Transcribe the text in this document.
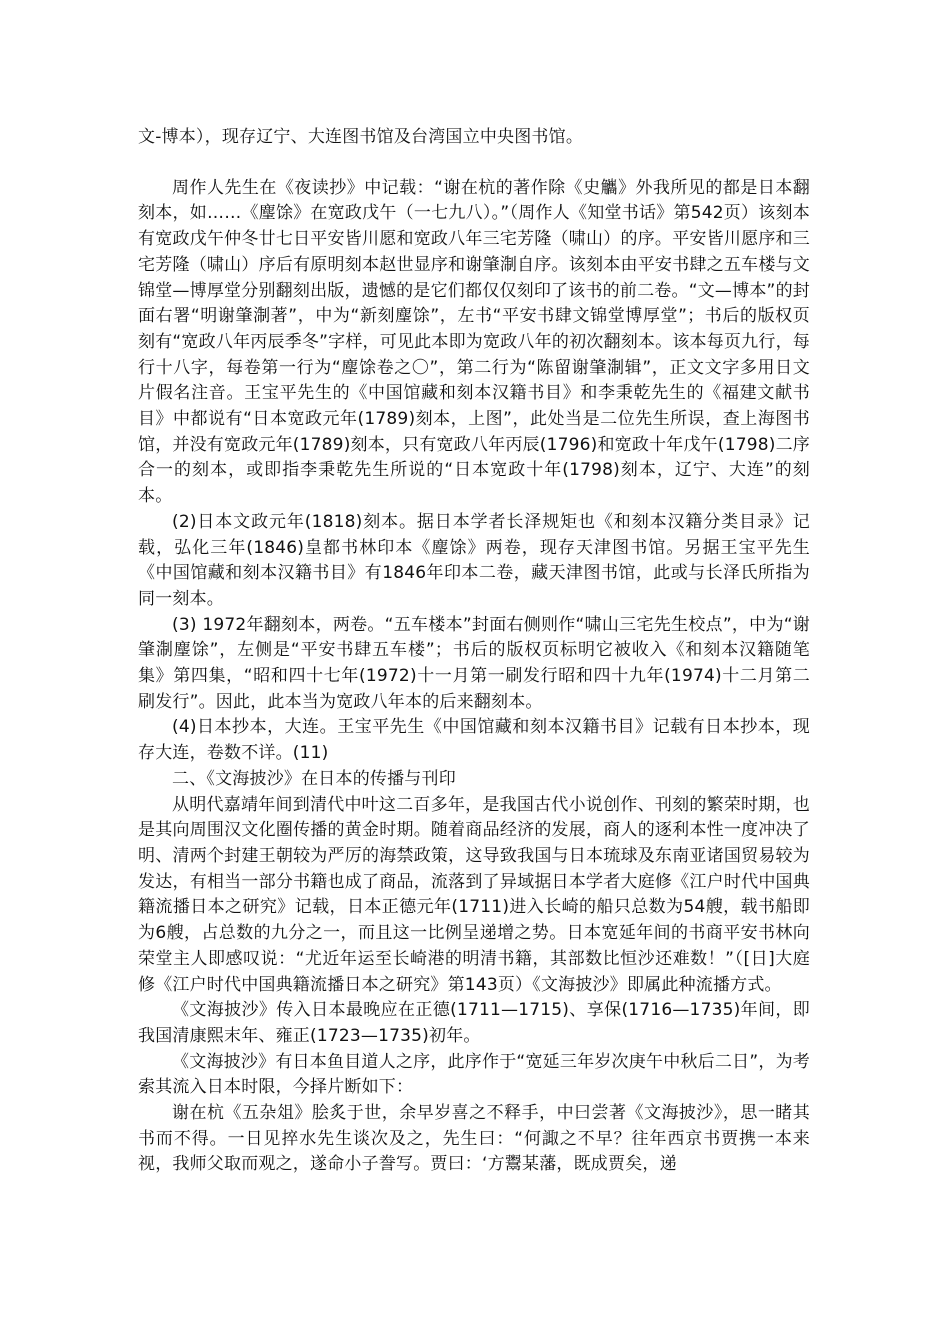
文-博本），现存辽宁、大连图书馆及台湾国立中央图书馆。

周作人先生在《夜读抄》中记载：“谢在杭的著作除《史觿》外我所见的都是日本翻刻本，如……《麈馀》在宽政戊午（一七九八）。”（周作人《知堂书话》第542页）该刻本有宽政戊午仲冬廿七日平安皆川愿和宽政八年三宅芳隆（啸山）的序。平安皆川愿序和三宅芳隆（啸山）序后有原明刻本赵世显序和谢肇淛自序。该刻本由平安书肆之五车楼与文锦堂—博厚堂分别翻刻出版，遗憾的是它们都仅仅刻印了该书的前二卷。“文—博本”的封面右署“明谢肇淛著”，中为“新刻麈馀”，左书“平安书肆文锦堂博厚堂”；书后的版权页刻有“宽政八年丙辰季冬”字样，可见此本即为宽政八年的初次翻刻本。该本每页九行，每行十八字，每卷第一行为“麈馀卷之〇”，第二行为“陈留谢肇淛辑”，正文文字多用日文片假名注音。王宝平先生的《中国馆藏和刻本汉籍书目》和李秉乾先生的《福建文献书目》中都说有“日本宽政元年(1789)刻本，上图”，此处当是二位先生所误，查上海图书馆，并没有宽政元年(1789)刻本，只有宽政八年丙辰(1796)和宽政十年戊午(1798)二序合一的刻本，或即指李秉乾先生所说的“日本宽政十年(1798)刻本，辽宁、大连”的刻本。

(2)日本文政元年(1818)刻本。据日本学者长泽规矩也《和刻本汉籍分类目录》记载，弘化三年(1846)皇都书林印本《麈馀》两卷，现存天津图书馆。另据王宝平先生《中国馆藏和刻本汉籍书目》有1846年印本二卷，藏天津图书馆，此或与长泽氏所指为同一刻本。

(3) 1972年翻刻本，两卷。“五车楼本”封面右侧则作“啸山三宅先生校点”，中为“谢肇淛麈馀”，左侧是“平安书肆五车楼”；书后的版权页标明它被收入《和刻本汉籍随笔集》第四集，“昭和四十七年(1972)十一月第一刷发行昭和四十九年(1974)十二月第二刷发行”。因此，此本当为宽政八年本的后来翻刻本。

(4)日本抄本，大连。王宝平先生《中国馆藏和刻本汉籍书目》记载有日本抄本，现存大连，卷数不详。(11)

二、《文海披沙》在日本的传播与刊印

从明代嘉靖年间到清代中叶这二百多年，是我国古代小说创作、刊刻的繁荣时期，也是其向周围汉文化圈传播的黄金时期。随着商品经济的发展，商人的逐利本性一度冲决了明、清两个封建王朝较为严厉的海禁政策，这导致我国与日本琉球及东南亚诸国贸易较为发达，有相当一部分书籍也成了商品，流落到了异域据日本学者大庭修《江户时代中国典籍流播日本之研究》记载，日本正德元年(1711)进入长崎的船只总数为54艘，载书船即为6艘，占总数的九分之一，而且这一比例呈递增之势。日本宽延年间的书商平安书林向荣堂主人即感叹说：“尤近年运至长崎港的明清书籍，其部数比恒沙还难数！”（[日]大庭修《江户时代中国典籍流播日本之研究》第143页）《文海披沙》即属此种流播方式。

《文海披沙》传入日本最晚应在正德(1711—1715)、享保(1716—1735)年间，即我国清康熙末年、雍正(1723—1735)初年。

《文海披沙》有日本鱼目道人之序，此序作于“宽延三年岁次庚午中秋后二日”，为考索其流入日本时限，今择片断如下：

谢在杭《五杂俎》脍炙于世，余早岁喜之不释手，中曰尝著《文海披沙》，思一睹其书而不得。一日见捽水先生谈次及之，先生曰：“何諏之不早？往年西京书贾携一本来视，我师父取而观之，遂命小子誊写。贾曰：‘方鬻某藩，既成贾矣，递
